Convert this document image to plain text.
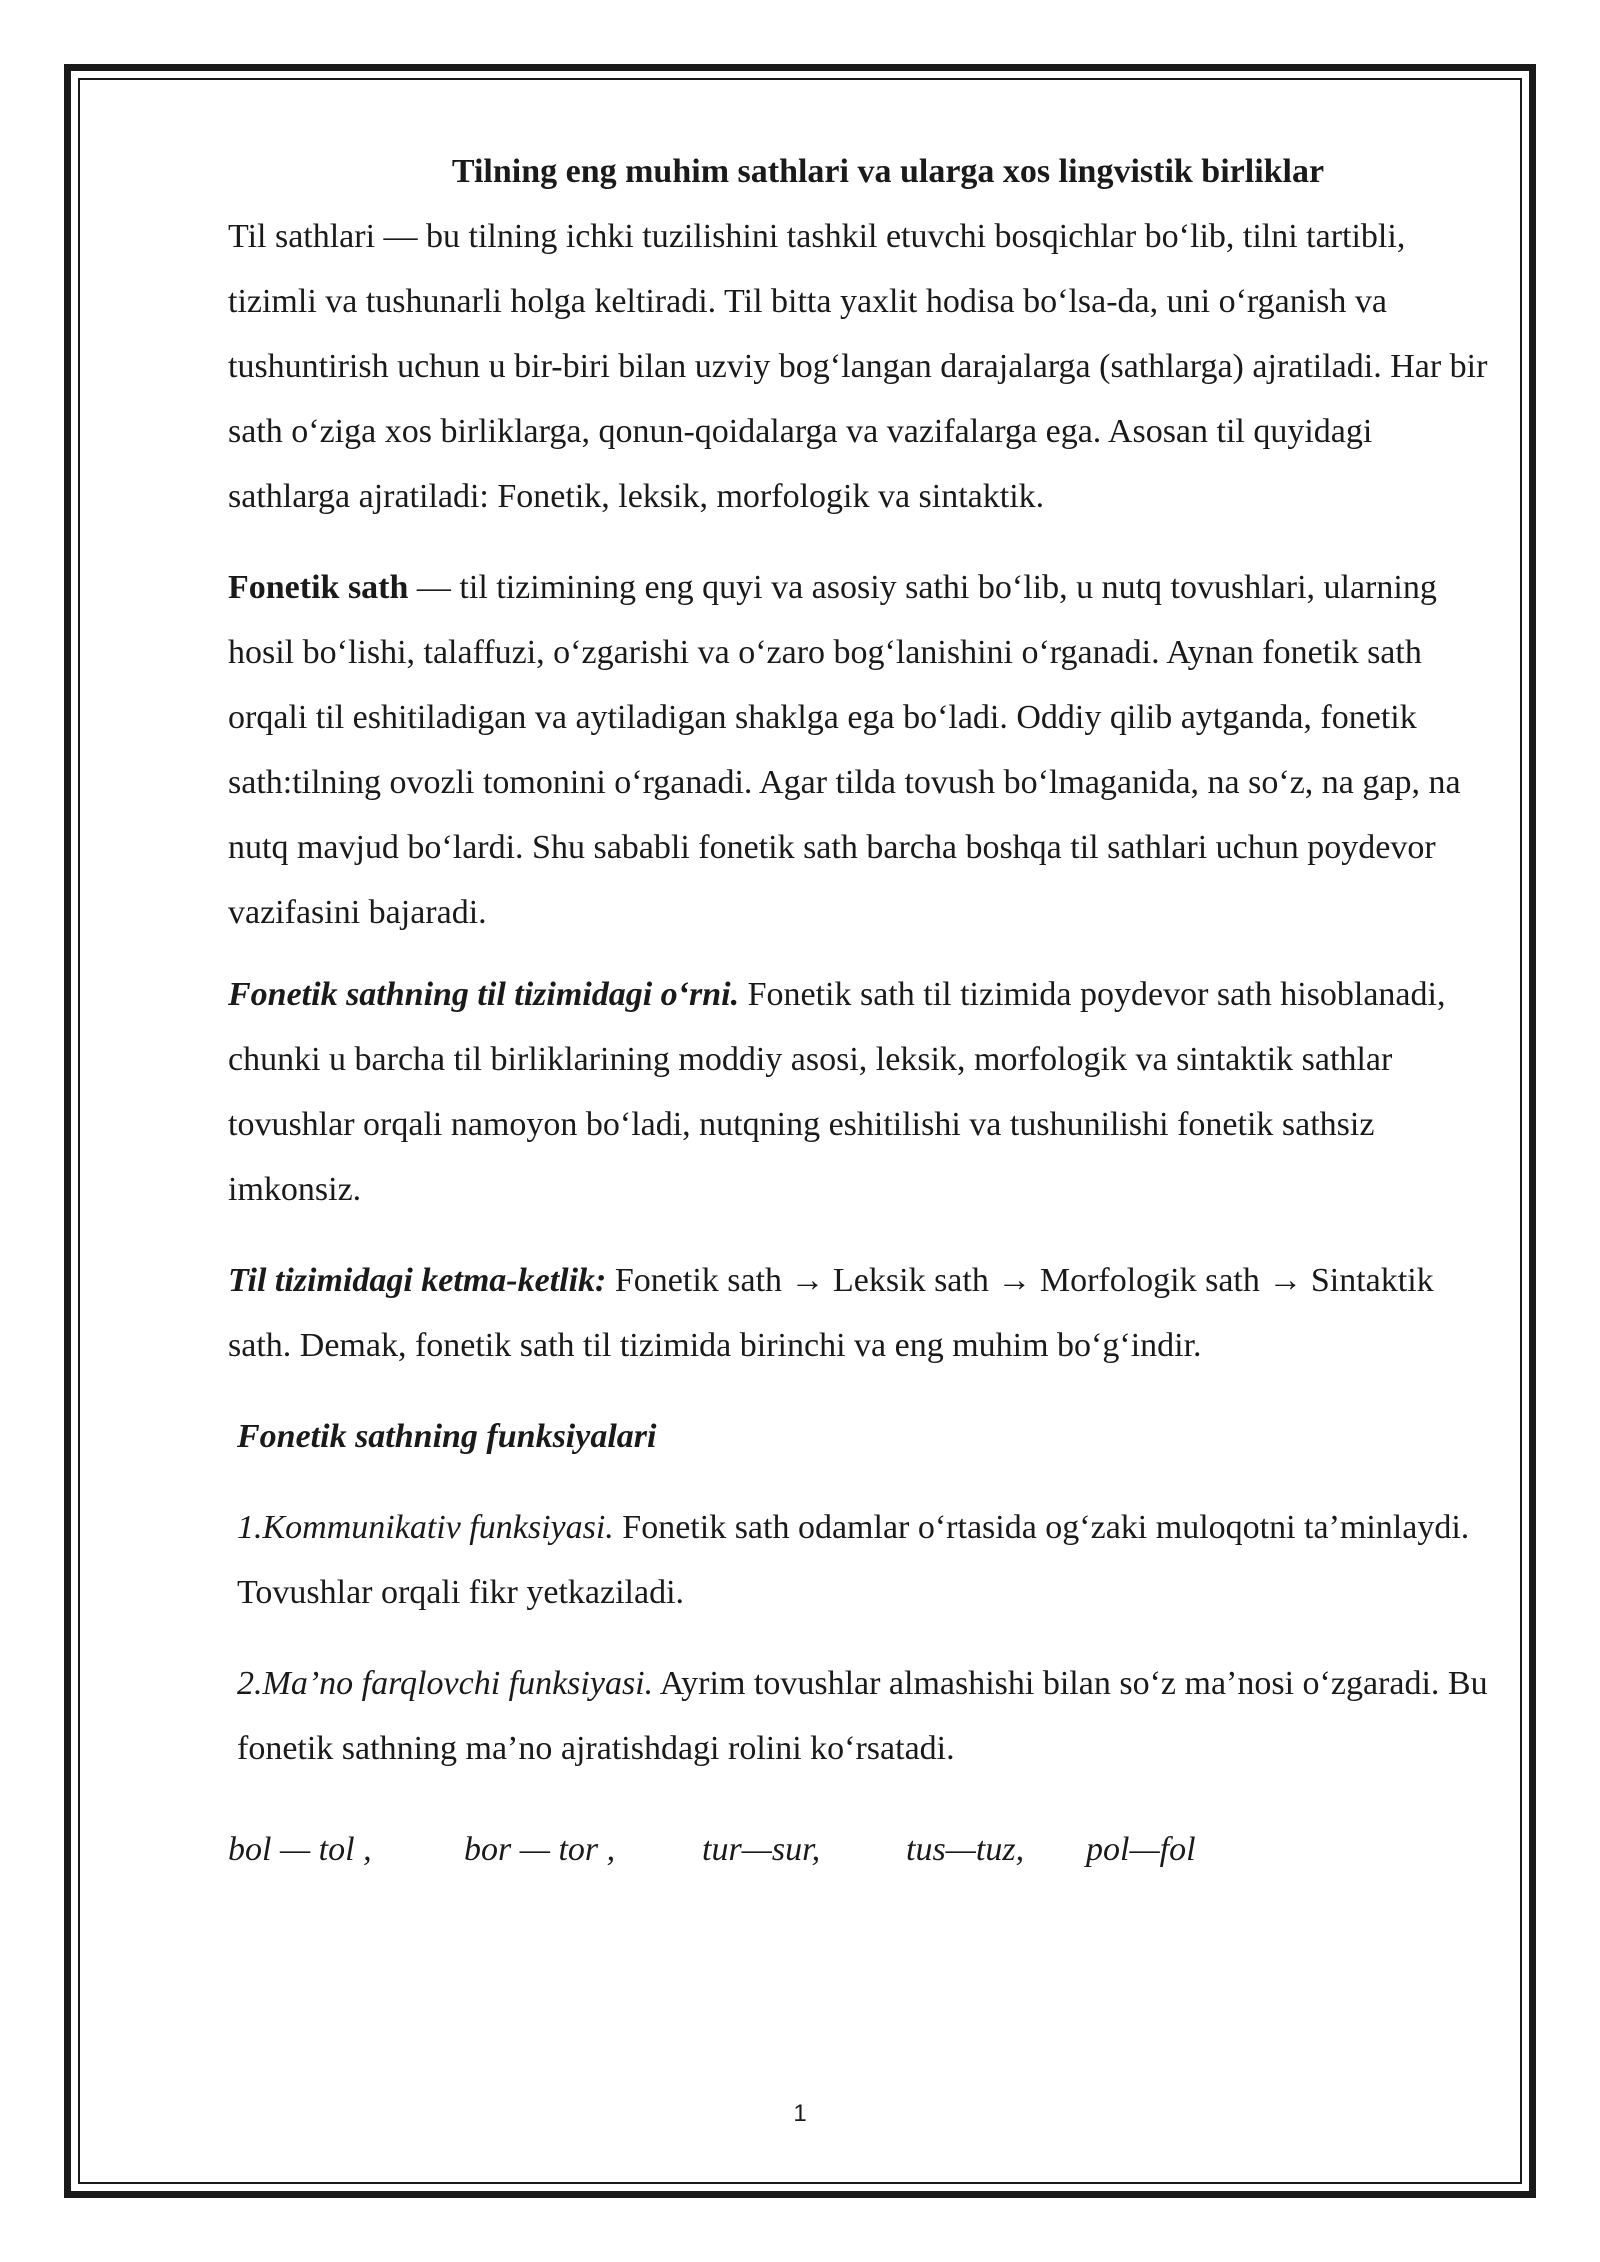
Tilning eng muhim sathlari va ularga xos lingvistik birliklar

Til sathlari — bu tilning ichki tuzilishini tashkil etuvchi bosqichlar bo‘lib, tilni tartibli, tizimli va tushunarli holga keltiradi. Til bitta yaxlit hodisa bo‘lsa-da, uni o‘rganish va tushuntirish uchun u bir-biri bilan uzviy bog‘langan darajalarga (sathlarga) ajratiladi. Har bir sath o‘ziga xos birliklarga, qonun-qoidalarga va vazifalarga ega. Asosan til quyidagi sathlarga ajratiladi: Fonetik, leksik, morfologik va sintaktik.

Fonetik sath — til tizimining eng quyi va asosiy sathi bo‘lib, u nutq tovushlari, ularning hosil bo‘lishi, talaffuzi, o‘zgarishi va o‘zaro bog‘lanishini o‘rganadi. Aynan fonetik sath orqali til eshitiladigan va aytiladigan shaklga ega bo‘ladi. Oddiy qilib aytganda, fonetik sath:tilning ovozli tomonini o‘rganadi. Agar tilda tovush bo‘lmaganida, na so‘z, na gap, na nutq mavjud bo‘lardi. Shu sababli fonetik sath barcha boshqa til sathlari uchun poydevor vazifasini bajaradi.

Fonetik sathning til tizimidagi o‘rni. Fonetik sath til tizimida poydevor sath hisoblanadi, chunki u barcha til birliklarining moddiy asosi, leksik, morfologik va sintaktik sathlar tovushlar orqali namoyon bo‘ladi, nutqning eshitilishi va tushunilishi fonetik sathsiz imkonsiz.

Til tizimidagi ketma-ketlik: Fonetik sath → Leksik sath → Morfologik sath → Sintaktik sath. Demak, fonetik sath til tizimida birinchi va eng muhim bo‘g‘indir.

Fonetik sathning funksiyalari

1.Kommunikativ funksiyasi. Fonetik sath odamlar o‘rtasida og‘zaki muloqotni ta’minlaydi. Tovushlar orqali fikr yetkaziladi.

2.Ma’no farqlovchi funksiyasi. Ayrim tovushlar almashishi bilan so‘z ma’nosi o‘zgaradi. Bu fonetik sathning ma’no ajratishdagi rolini ko‘rsatadi.

bol — tol ,	bor — tor ,	tur—sur,	tus—tuz, pol—fol
1
